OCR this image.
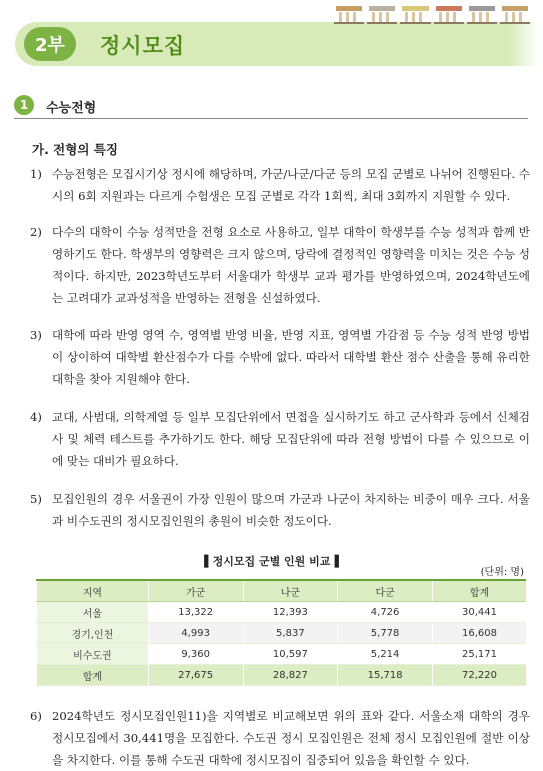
2부	정시모집
1	수능전형
가. 전형의 특징
1) 수능전형은 모집시기상 정시에 해당하며, 가군/나군/다군 등의 모집 군별로 나뉘어 진행된다. 수시의 6회 지원과는 다르게 수험생은 모집 군별로 각각 1회씩, 최대 3회까지 지원할 수 있다.
2) 다수의 대학이 수능 성적만을 전형 요소로 사용하고, 일부 대학이 학생부를 수능 성적과 함께 반영하기도 한다. 학생부의 영향력은 크지 않으며, 당락에 결정적인 영향력을 미치는 것은 수능 성적이다. 하지만, 2023학년도부터 서울대가 학생부 교과 평가를 반영하였으며, 2024학년도에는 고려대가 교과성적을 반영하는 전형을 신설하였다.
3) 대학에 따라 반영 영역 수, 영역별 반영 비율, 반영 지표, 영역별 가감점 등 수능 성적 반영 방법이 상이하여 대학별 환산점수가 다를 수밖에 없다. 따라서 대학별 환산 점수 산출을 통해 유리한 대학을 찾아 지원해야 한다.
4) 교대, 사범대, 의학계열 등 일부 모집단위에서 면접을 실시하기도 하고 군사학과 등에서 신체검사 및 체력 테스트를 추가하기도 한다. 해당 모집단위에 따라 전형 방법이 다를 수 있으므로 이에 맞는 대비가 필요하다.
5) 모집인원의 경우 서울권이 가장 인원이 많으며 가군과 나군이 차지하는 비중이 매우 크다. 서울과 비수도권의 정시모집인원의 총원이 비슷한 정도이다.
▌정시모집 군별 인원 비교▐
(단위: 명)
지역	가군	나군	다군	합계
서울	13,322	12,393	4,726	30,441
경기,인천	4,993	5,837	5,778	16,608
비수도권	9,360	10,597	5,214	25,171
합계	27,675	28,827	15,718	72,220
6) 2024학년도 정시모집인원11)을 지역별로 비교해보면 위의 표와 같다. 서울소재 대학의 경우 정시모집에서 30,441명을 모집한다. 수도권 정시 모집인원은 전체 정시 모집인원에 절반 이상을 차지한다. 이를 통해 수도권 대학에 정시모집이 집중되어 있음을 확인할 수 있다.
